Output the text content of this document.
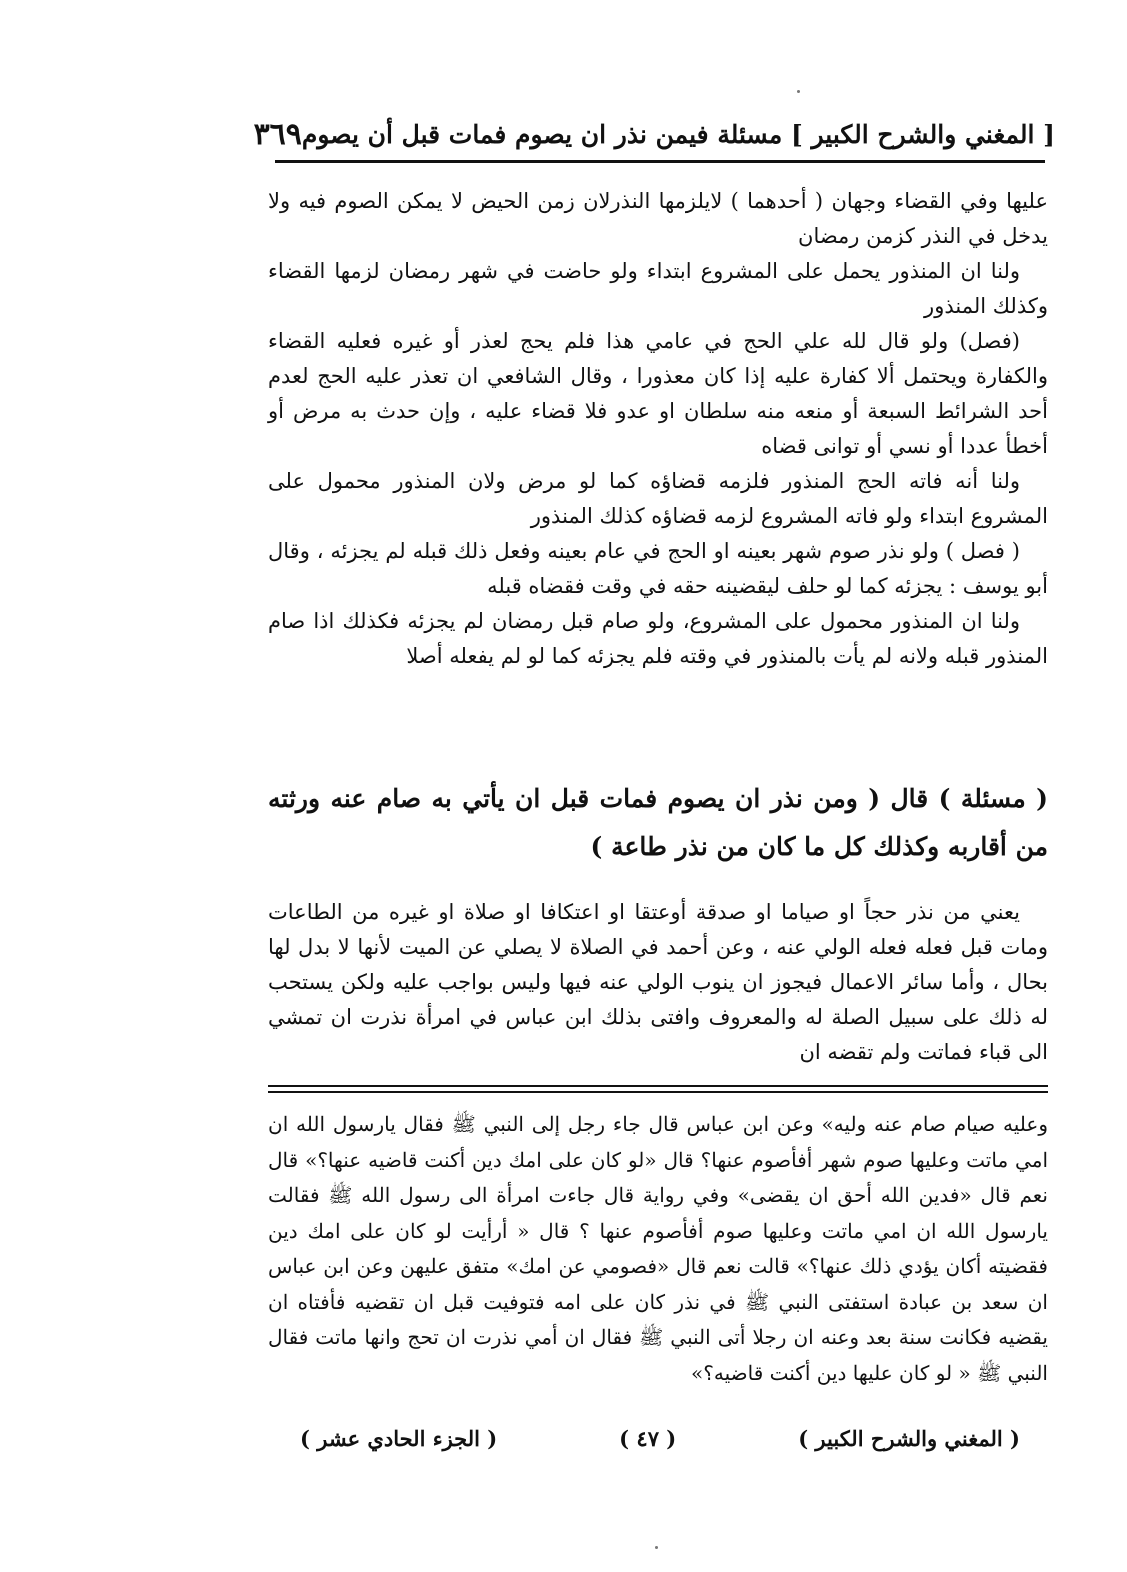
[ المغني والشرح الكبير ] مسئلة فيمن نذر ان يصوم فمات قبل أن يصوم
٣٦٩

عليها وفي القضاء وجهان ( أحدهما ) لايلزمها النذرلان زمن الحيض لا يمكن الصوم فيه ولا يدخل في النذر كزمن رمضان

ولنا ان المنذور يحمل على المشروع ابتداء ولو حاضت في شهر رمضان لزمها القضاء وكذلك المنذور

(فصل) ولو قال لله علي الحج في عامي هذا فلم يحج لعذر أو غيره فعليه القضاء والكفارة ويحتمل ألا كفارة عليه إذا كان معذورا ، وقال الشافعي ان تعذر عليه الحج لعدم أحد الشرائط السبعة أو منعه منه سلطان او عدو فلا قضاء عليه ، وإن حدث به مرض أو أخطأ عددا أو نسي أو توانى قضاه

ولنا أنه فاته الحج المنذور فلزمه قضاؤه كما لو مرض ولان المنذور محمول على المشروع ابتداء ولو فاته المشروع لزمه قضاؤه كذلك المنذور

( فصل ) ولو نذر صوم شهر بعينه او الحج في عام بعينه وفعل ذلك قبله لم يجزئه ، وقال أبو يوسف : يجزئه كما لو حلف ليقضينه حقه في وقت فقضاه قبله

ولنا ان المنذور محمول على المشروع، ولو صام قبل رمضان لم يجزئه فكذلك اذا صام المنذور قبله ولانه لم يأت بالمنذور في وقته فلم يجزئه كما لو لم يفعله أصلا

( مسئلة ) قال ( ومن نذر ان يصوم فمات قبل ان يأتي به صام عنه ورثته من أقاربه وكذلك كل ما كان من نذر طاعة )

يعني من نذر حجاً او صياما او صدقة أوعتقا او اعتكافا او صلاة او غيره من الطاعات ومات قبل فعله فعله الولي عنه ، وعن أحمد في الصلاة لا يصلي عن الميت لأنها لا بدل لها بحال ، وأما سائر الاعمال فيجوز ان ينوب الولي عنه فيها وليس بواجب عليه ولكن يستحب له ذلك على سبيل الصلة له والمعروف وافتى بذلك ابن عباس في امرأة نذرت ان تمشي الى قباء فماتت ولم تقضه ان

وعليه صيام صام عنه وليه» وعن ابن عباس قال جاء رجل إلى النبي ﷺ فقال يارسول الله ان امي ماتت وعليها صوم شهر أفأصوم عنها؟ قال «لو كان على امك دين أكنت قاضيه عنها؟» قال نعم قال «فدين الله أحق ان يقضى» وفي رواية قال جاءت امرأة الى رسول الله ﷺ فقالت يارسول الله ان امي ماتت وعليها صوم أفأصوم عنها ؟ قال « أرأيت لو كان على امك دين فقضيته أكان يؤدي ذلك عنها؟» قالت نعم قال «فصومي عن امك» متفق عليهن وعن ابن عباس ان سعد بن عبادة استفتى النبي ﷺ في نذر كان على امه فتوفيت قبل ان تقضيه فأفتاه ان يقضيه فكانت سنة بعد وعنه ان رجلا أتى النبي ﷺ فقال ان أمي نذرت ان تحج وانها ماتت فقال النبي ﷺ « لو كان عليها دين أكنت قاضيه؟»
( المغني والشرح الكبير )
( ٤٧ )
( الجزء الحادي عشر )
